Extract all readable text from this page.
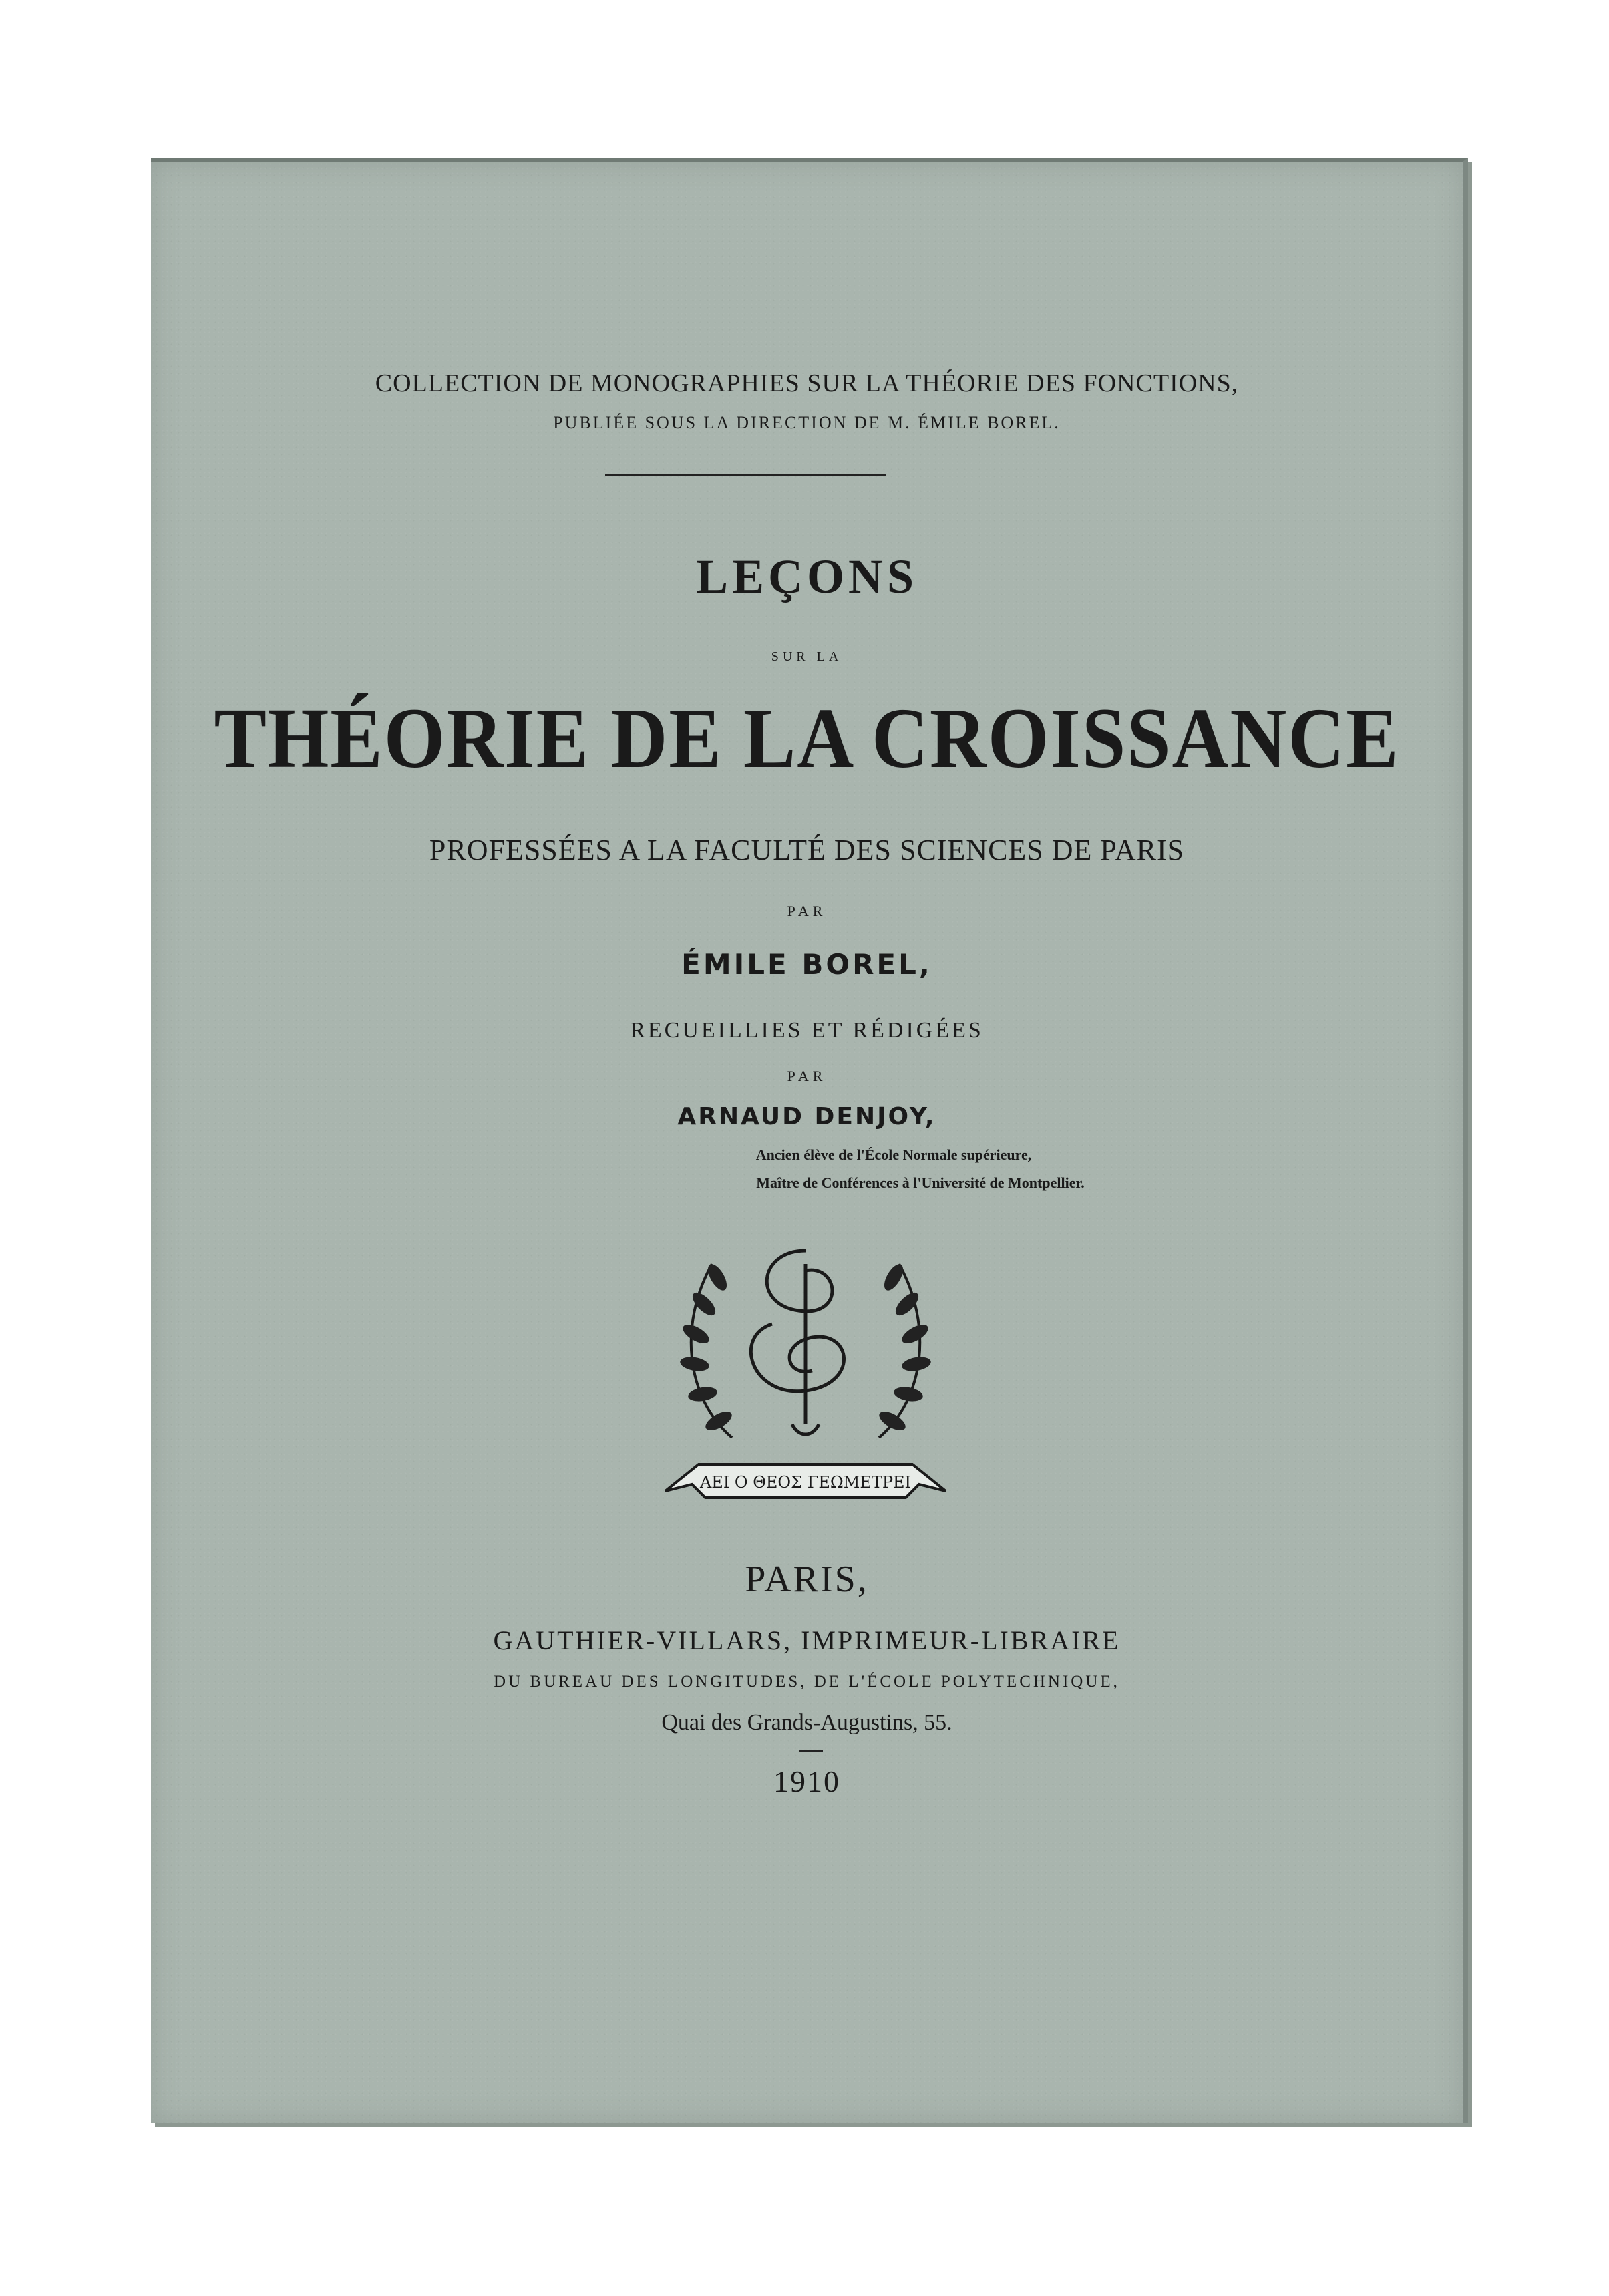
COLLECTION DE MONOGRAPHIES SUR LA THÉORIE DES FONCTIONS,
PUBLIÉE SOUS LA DIRECTION DE M. ÉMILE BOREL.
LEÇONS
SUR LA
THÉORIE DE LA CROISSANCE
PROFESSÉES A LA FACULTÉ DES SCIENCES DE PARIS
PAR
ÉMILE BOREL,
RECUEILLIES ET RÉDIGÉES
PAR
ARNAUD DENJOY,
Ancien élève de l'École Normale supérieure,
Maître de Conférences à l'Université de Montpellier.
ΑΕΙ Ο ΘΕΟΣ ΓΕΩΜΕΤΡΕΙ
PARIS,
GAUTHIER-VILLARS, IMPRIMEUR-LIBRAIRE
DU BUREAU DES LONGITUDES, DE L'ÉCOLE POLYTECHNIQUE,
Quai des Grands-Augustins, 55.
1910
